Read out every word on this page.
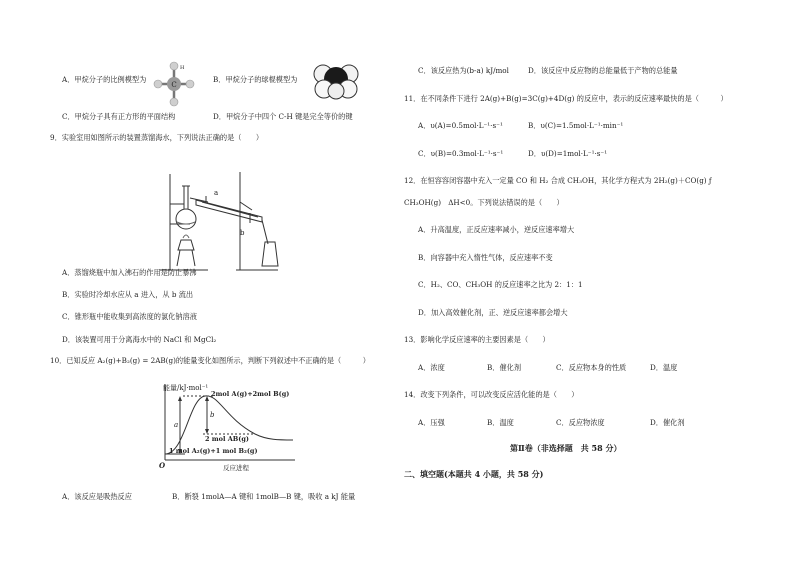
A．甲烷分子的比例模型为
C
H
B．甲烷分子的球棍模型为
C．甲烷分子具有正方形的平面结构	D．甲烷分子中四个 C-H 键是完全等价的键
9．实验室用如图所示的装置蒸馏海水，下列说法正确的是（　　）
a
b
A．蒸馏烧瓶中加入沸石的作用是防止暴沸
B．实验时冷却水应从 a 进入，从 b 流出
C．锥形瓶中能收集到高浓度的氯化钠溶液
D．该装置可用于分离海水中的 NaCl 和 MgCl₂
10．已知反应 A₂(g)+B₂(g) = 2AB(g)的能量变化如图所示，判断下列叙述中不正确的是（　　　）
能量/kJ·mol⁻¹
2mol A(g)+2mol B(g)
2 mol AB(g)
1 mol A₂(g)+1 mol B₂(g)
反应进程
O
a
b
A．该反应是吸热反应	B．断裂 1molA—A 键和 1molB—B 键，吸收 a kJ 能量
C．该反应热为(b-a) kJ/mol	D．该反应中反应物的总能量低于产物的总能量
11．在不同条件下进行 2A(g)+B(g)=3C(g)+4D(g) 的反应中，表示的反应速率最快的是（　　　）
A．υ(A)=0.5mol·L⁻¹·s⁻¹	B．υ(C)=1.5mol·L⁻¹·min⁻¹
C．υ(B)=0.3mol·L⁻¹·s⁻¹	D．υ(D)=1mol·L⁻¹·s⁻¹
12．在恒容容闭容器中充入一定量 CO 和 H₂ 合成 CH₃OH，其化学方程式为 2H₂(g)＋CO(g) ƒ
CH₃OH(g)　ΔH<0。下列说法错误的是（　　）
A．升高温度，正反应速率减小，逆反应速率增大
B．向容器中充入惰性气体，反应速率不变
C．H₂、CO、CH₃OH 的反应速率之比为 2：1：1
D．加入高效催化剂，正、逆反应速率都会增大
13．影响化学反应速率的主要因素是（　　）
A．浓度	B．催化剂	C．反应物本身的性质	D．温度
14．改变下列条件，可以改变反应活化能的是（　　）
A．压强	B．温度	C．反应物浓度	D．催化剂
第Ⅱ卷（非选择题　共 58 分）
二、填空题(本题共 4 小题，共 58 分)
